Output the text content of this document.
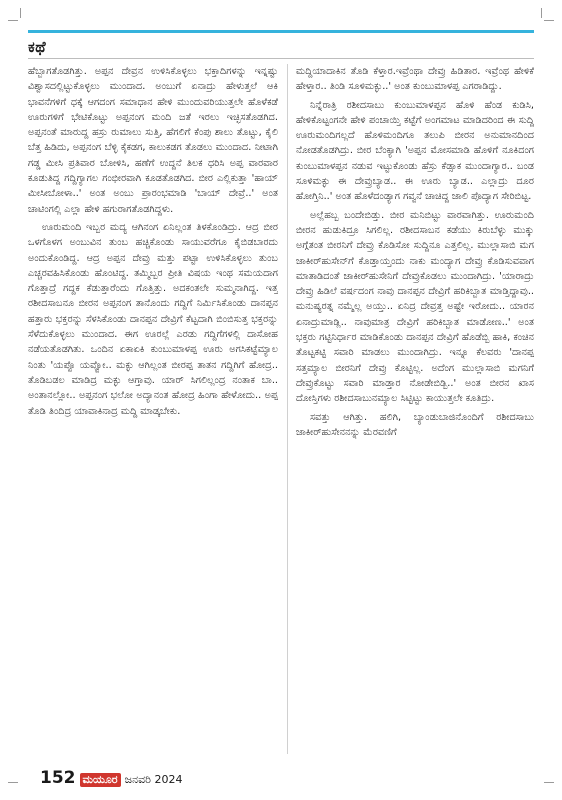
ಕಥೆ

ಹೆಬ್ಬಾಗತೊಡಗಿತ್ತು. ಅಪ್ಪನ ದೇವ್ರನ ಉಳಿಸಿಕೊಳ್ಳಲು ಭಕ್ತಾದಿಗಳನ್ನು ಇನ್ನಷ್ಟು ವಿಶ್ವಾಸದಲ್ಲಿಟ್ಟುಕೊಳ್ಳಲು ಮುಂದಾದ. ಅಂಬುಗೆ ಏನಾದ್ರು ಹೇಳುತ್ತಲೆ ಆಕಿ ಭಾವನೆಗಳಿಗೆ ಧಕ್ಕೆ ಆಗದಂಗ ಸಮಾಧಾನ ಹೇಳಿ ಮುಂದುವರಿಯುತ್ತಲೇ ಹೊಳೆಕಡೆ ಊರುಗಳಿಗೆ ಭೇಟಿಕೊಟ್ಟು ಅಪ್ಪನಂಗ ಮಂದಿ ಜತೆ ಇರಲು ಇಚ್ಛಿಸತೊಡಗಿದ. ಅಪ್ಪನಂತೆ ಮಾರುದ್ದ ಹಸ್ರು ರುಮಾಲು ಸುತ್ತಿ, ಹೆಗಲಿಗೆ ಕೆಂಪು ಶಾಲು ತೊಟ್ಟು, ಕೈಲಿ ಬೆತ್ತ ಹಿಡಿದು, ಅಪ್ಪನಂಗ ಬೆಳ್ಳಿ ಕೈಕಡಗ, ಕಾಲುಕಡಗ ತೊಡಲು ಮುಂದಾದ. ನೀಟಾಗಿ ಗಡ್ಡ ಮೀಸಿ ಪ್ರತಿವಾರ ಬೋಳಿಸಿ, ಹಣೆಗೆ ಉದ್ದನೆ ತಿಲಕ ಧರಿಸಿ ಅಪ್ಪ ವಾರವಾರ ಕೂಡುತಿದ್ದ ಗದ್ದಿಗ್ಯಾಗಲ ಗಂಭೀರವಾಗಿ ಕೂಡತೊಡಗಿದ. ಬೀರ ಎಲ್ಲಿಕುತ್ತಾ 'ಹಾಯ್ ಮೀಸೀಬೋಳಾ..' ಅಂತ ಅಂಬು ಪ್ರಾರಂಭಮಾಡಿ 'ಬಾಯ್ ದೇವ್ರೆ..' ಅಂತ ಚಾಟಿಂಗಲ್ಲಿ ಎಲ್ಲಾ ಹೇಳಿ ಹಗುರಾಗತೊಡಗಿದ್ದಳು.

ಊರುಮಂದಿ ಇಬ್ಬರ ಮದ್ಯ ಆಗಿನಂಗ ಏನಿಲ್ಲಂತ ತಿಳಕೊಂಡಿದ್ರು. ಆದ್ರ ಬೀರ ಒಳಗೊಳಗ ಅಂಬುವಿನ ತುಂಬ ಹಚ್ಚಿಕೊಂಡು ಸಾಯುವರೆಗೂ ಕೈಬಿಡಬಾರದು ಅಂದುಕೊಂಡಿದ್ದ. ಆದ್ರ ಅಪ್ಪನ ದೇವ್ರು ಮತ್ತು ಪಟ್ಟಾ ಉಳಿಸಿಕೊಳ್ಳಲು ತುಂಬ ಎಚ್ಚರವಹಿಸಿಕೊಂಡು ಹೊಂಟಿದ್ದ. ತಮ್ಮಿಬ್ಬರ ಪ್ರೀತಿ ವಿಷಯ ಇಂಥ ಸಮಯದಾಗ ಗೊತ್ತಾದ್ರೆ ಗದ್ದಕ ಕೆಡುತ್ತಾರೆಂದು ಗೊತ್ತಿತ್ತು. ಅದಕಂತಲೇ ಸುಮ್ಮನಾಗಿದ್ದ. ಇತ್ತ ರಶೀದಸಾಬನೂ ಬೀರನ ಅಪ್ಪನಂಗ ತಾನೊಂದು ಗದ್ದಿಗೆ ನಿರ್ಮಿಸಿಕೊಂಡು ದಾನಪ್ಪನ ಹತ್ತಾರು ಭಕ್ತರನ್ನು ಸೆಳಸಿಕೊಂಡು ದಾನಪ್ಪನ ದೇವ್ರಿಗೆ ಕೆಟ್ಟದಾಗಿ ಬಿಂಬಿಸುತ್ತ ಭಕ್ತರನ್ನು ಸೆಳೆದುಕೊಳ್ಳಲು ಮುಂದಾದ. ಈಗ ಊರಲ್ಲೆ ಎರಡು ಗದ್ದಿಗೆಗಳಲ್ಲಿ ದಾಸೋಹ ನಡೆಯತೊಡಗಿತು. ಒಂದಿನ ಏಕಾಏಕಿ ಕುಂಬುಮಾಳಪ್ಪ ಊರು ಅಗಸಿಕಟ್ಟೆಮ್ಯಾಲ ನಿಂತು 'ಯಪ್ಪೊ ಯವ್ವೋ.. ಮಕ್ಳು ಆಗಿಲ್ಲಂತ ಬೀರಪ್ಪ ತಾತನ ಗದ್ದಿಗಿಗೆ ಹೋದ್ರ.. ತೊಡಿಬಡಲ ಮಾಡಿದ್ರ ಮಕ್ಳು ಆಗ್ತಾವು. ಯಾರ್ ಸಿಗಲಿಲ್ಲಂದ್ರ ನಂತಾಕ ಬಾ.. ಅಂತಾನಲ್ಲೋ.. ಅಪ್ಪನಂಗ ಭಲೋ ಅದ್ಯಾನಂತ ಹೋದ್ರ ಹಿಂಗಾ ಹೇಳೋದು.. ಅಪ್ಪ ತೊಡಿ ತಿಂದಿದ್ರ ಯಾವಾಕಿನಾದ್ರ ಮದ್ದಿ ಮಾಡ್ಕಬೇಕು.

ಮದ್ದಿಯಾದಾಕಿನ ತೊಡಿ ಕೆಳ್ತಾರ.ಇವ್ರೆಂಥಾ ದೇವ್ರು ಹಿಡಿತಾರ. ಇವ್ರೆಂಥ ಹೇಳಿಕೆ ಹೇಳ್ತಾರ.. ತಿಂಡಿ ಸೂಳಿಮಕ್ಳು..' ಅಂತ ಕುಂಬುಮಾಳಪ್ಪ ಎಗರಾಡಿದ್ದು.

ನಿನ್ನೆರಾತ್ರಿ ರಶೀದಸಾಬು ಕುಂಬುಮಾಳಪ್ಪನ ಹೊಳಿ ಹೆಂಡ ಕುಡಿಸಿ, ಹೇಳಿಕೊಟ್ಟಂಗನೇ ಹೇಳಿ ಪಂಚಾಯ್ತಿ ಕಟ್ಟೆಗೆ ಅಂಗಮಾಟ ಮಾಡಿದರಿಂದ ಈ ಸುದ್ದಿ ಊರುಮಂದಿಗಲ್ಲದೆ ಹೊಳಿಮಂದಿಗೂ ತಲುಪಿ ಬೀರನ ಅನುಮಾನದಿಂದ ನೋಡತೊಡಗಿದ್ರು. ಬೀರ ಬೆಂಕ್ಯಾಗಿ 'ಅಪ್ಪನ ಮೋಸಮಾಡಿ ಹೊಳಿಗೆ ನೂಕಿದಂಗ ಕುಂಬುಮಾಳಪ್ಪನ ನಡುವ ಇಟ್ಟುಕೊಂಡು ಹೆಸ್ರು ಕೆಡ್ಸಾಕ ಮುಂದಾಗ್ಯಾರ.. ಬಂಡ ಸೂಳಿಮಕ್ಳು ಈ ದೇವ್ರುಬ್ಯಾಡ.. ಈ ಊರು ಬ್ಯಾಡ.. ಎಲ್ಲಾದ್ರು ದೂರ ಹೋಗ್ತಿನಿ..' ಅಂತ ಹೊಳೆದಂಡ್ಯಾಗ ಗವ್ವನೆ ಚಾಚಿದ್ದ ಜಾಲಿ ಪೊದ್ಯಾಗ ಸೇರಿಬಿಟ್ಟ.

ಅಲ್ಲೆಹಬ್ಬ ಬಂದೇಬಿಡ್ತು. ಬೀರ ಮನಿಬಿಟ್ಟು ವಾರವಾಗಿತ್ತು. ಊರುಮಂದಿ ಬೀರನ ಹುಡುಕಿದ್ರೂ ಸಿಗಲಿಲ್ಲ. ರಶೀದಸಾಬನ ಕಡೆಯು ಕಿರುಬೆಳ್ಳು ಮುಕ್ಕು ಅಗ್ಗೆತಂತ ಬೀರನಿಗೆ ದೇವ್ರು ಕೊಡಿಸೋ ಸುದ್ದಿನೂ ಎತ್ತಲಿಲ್ಲ. ಮುಲ್ಲಾಸಾಬಿ ಮಗ ಜಾಕೀರ್‌ಹುಸೇನ್‌ಗೆ ಕೊಡ್ತಾಯ್ತಂದು ನಾಕು ಮಂದ್ಯಾಗ ದೇವ್ರು ಕೊಡಿಸುವವಾಗ ಮಾತಾಡಿದಂತೆ ಜಾಕೀರ್‌ಹುಸೇನಿಗೆ ದೇವ್ರುಕೊಡಲು ಮುಂದಾಗಿದ್ರು. 'ಯಾರಾದ್ರು ದೇವ್ರು ಹಿಡಿಲೆ ವರ್ಷದಂಗ ನಾವು ದಾನಪ್ಪನ ದೇವ್ರಿಗೆ ಹರಿಕಿಬ್ಬಾತ ಮಾಡ್ತಿದ್ದಾವು.. ಮನುಷ್ಯರತ್ನ ನಮ್ಮೆಲ್ಲ ಅಯ್ತು.. ಏನಿದ್ರ ದೇವ್ರತ್ತ ಅಷ್ಟೇ ಇರೋದು.. ಯಾರನ ಏನಾದ್ರುಮಾಡ್ಲಿ.. ನಾವುಮಾತ್ರ ದೇವ್ರಿಗೆ ಹರಿಕಿಬ್ಬಾತ ಮಾಡೋಣ..' ಅಂತ ಭಕ್ತರು ಗಟ್ಟಿನಿರ್ಧಾರ ಮಾಡಿಕೊಂಡು ದಾನಪ್ಪನ ದೇವ್ರಿಗೆ ಹೊಡೆಬ್ಬಿ ಹಾಕಿ, ಕಂಚಿನ ತೊಟ್ಟಕಟ್ಟಿ ಸವಾರಿ ಮಾಡಲು ಮುಂದಾಗಿದ್ರು. ಇನ್ನೂ ಕೆಲವರು 'ದಾನಪ್ಪ ಸತ್ತಮ್ಯಾಲ ಬೀರನಿಗೆ ದೇವ್ರು ಕೊಟ್ಟಿಲ್ಲ. ಅದೆಂಗ ಮುಲ್ಲಾಸಾಬಿ ಮಗನಿಗೆ ದೇವ್ರುಕೊಟ್ಟು ಸವಾರಿ ಮಾಡ್ತಾರ ನೋಡೇಬಿಡ್ಬಿ..' ಅಂತ ಬೀರನ ಖಾಸ ದೋಸ್ತಿಗಳು ರಶೀದಸಾಬುನಮ್ಯಾಲ ಸಿಟ್ಟಿಟ್ಟು ಕಾಯುತ್ತಲೇ ಕೂತಿದ್ರು.

ಸವತ್ತು ಆಗಿತ್ತು. ಹಲಿಗಿ, ಬ್ಯಾಂಡುಬಾಜಿನೊಂದಿಗೆ ರಶೀದಸಾಬು ಜಾಕೀರ್‌ಹುಸೇನನನ್ನು ಮೆರವಣಿಗೆ

152 ಮಯೂರ ಜನವರಿ 2024
